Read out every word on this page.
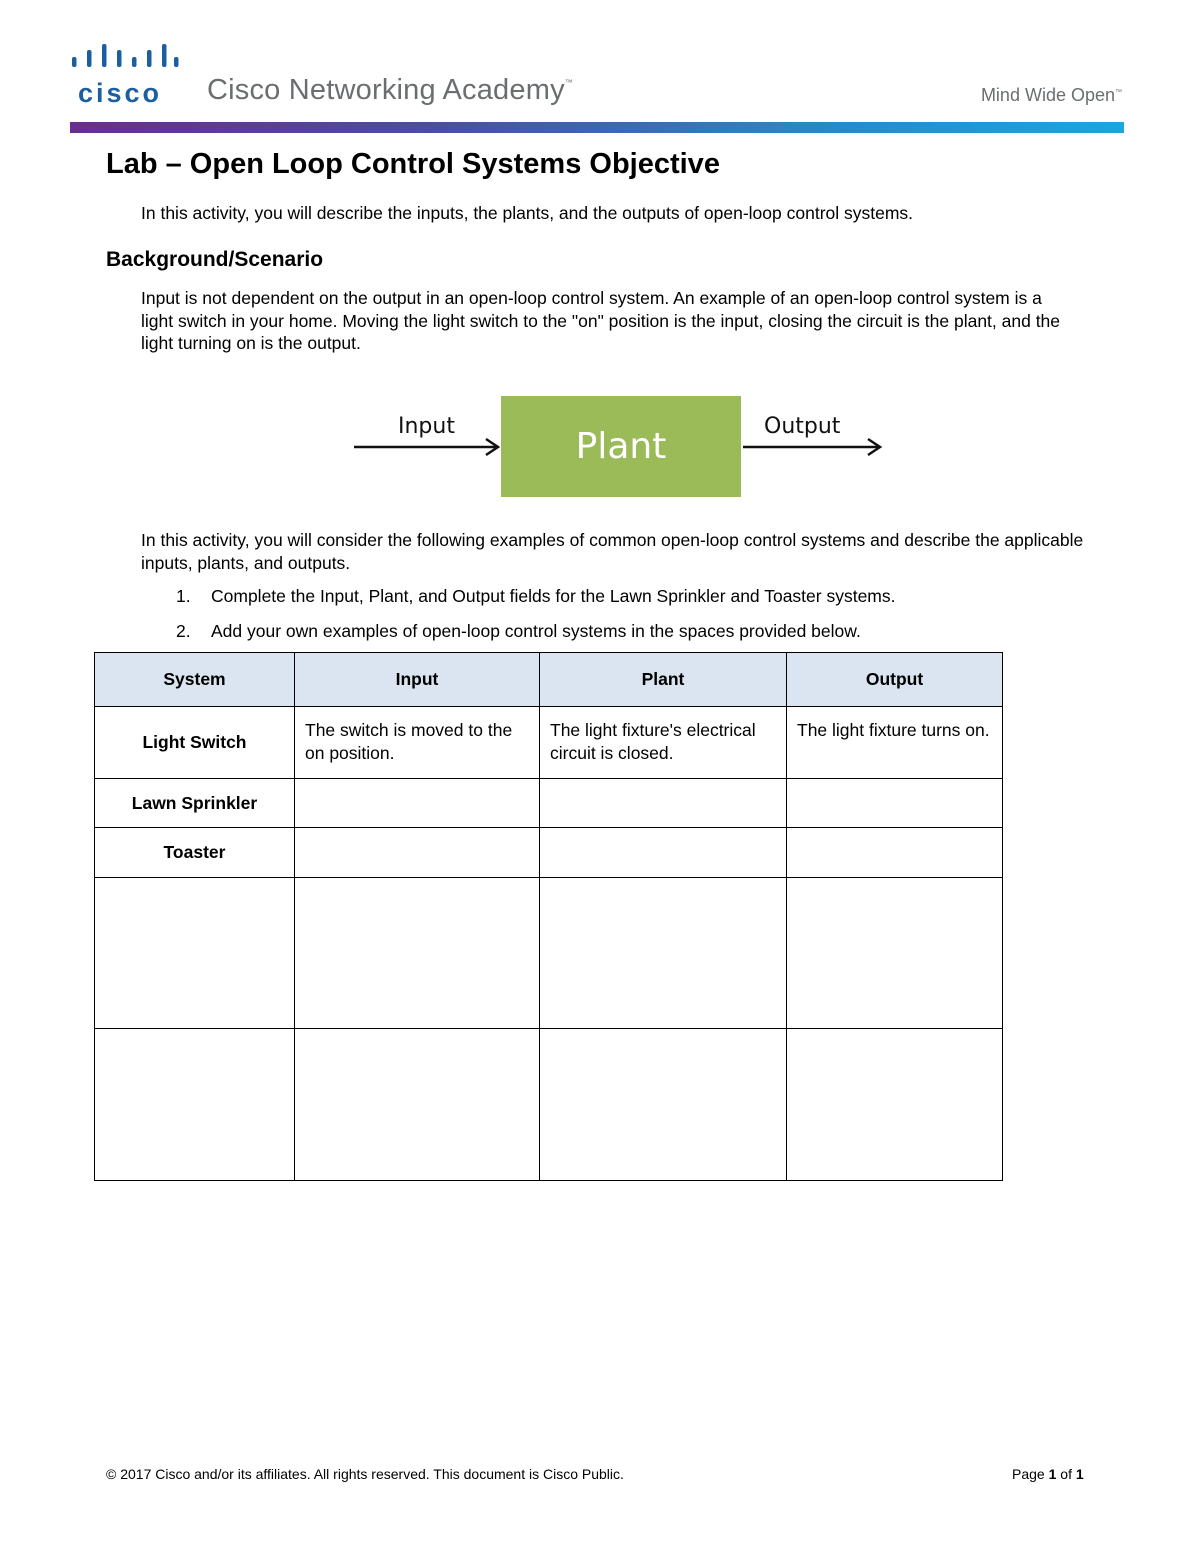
cisco Cisco Networking Academy™
Mind Wide Open™
Lab – Open Loop Control Systems Objective
In this activity, you will describe the inputs, the plants, and the outputs of open-loop control systems.
Background/Scenario
Input is not dependent on the output in an open-loop control system. An example of an open-loop control system is a light switch in your home. Moving the light switch to the "on" position is the input, closing the circuit is the plant, and the light turning on is the output.
Input	Plant	Output
In this activity, you will consider the following examples of common open-loop control systems and describe the applicable inputs, plants, and outputs.
1. Complete the Input, Plant, and Output fields for the Lawn Sprinkler and Toaster systems.
2. Add your own examples of open-loop control systems in the spaces provided below.
System	Input	Plant	Output
Light Switch	The switch is moved to the on position.	The light fixture's electrical circuit is closed.	The light fixture turns on.
Lawn Sprinkler			
Toaster			

© 2017 Cisco and/or its affiliates. All rights reserved. This document is Cisco Public.	Page 1 of 1
